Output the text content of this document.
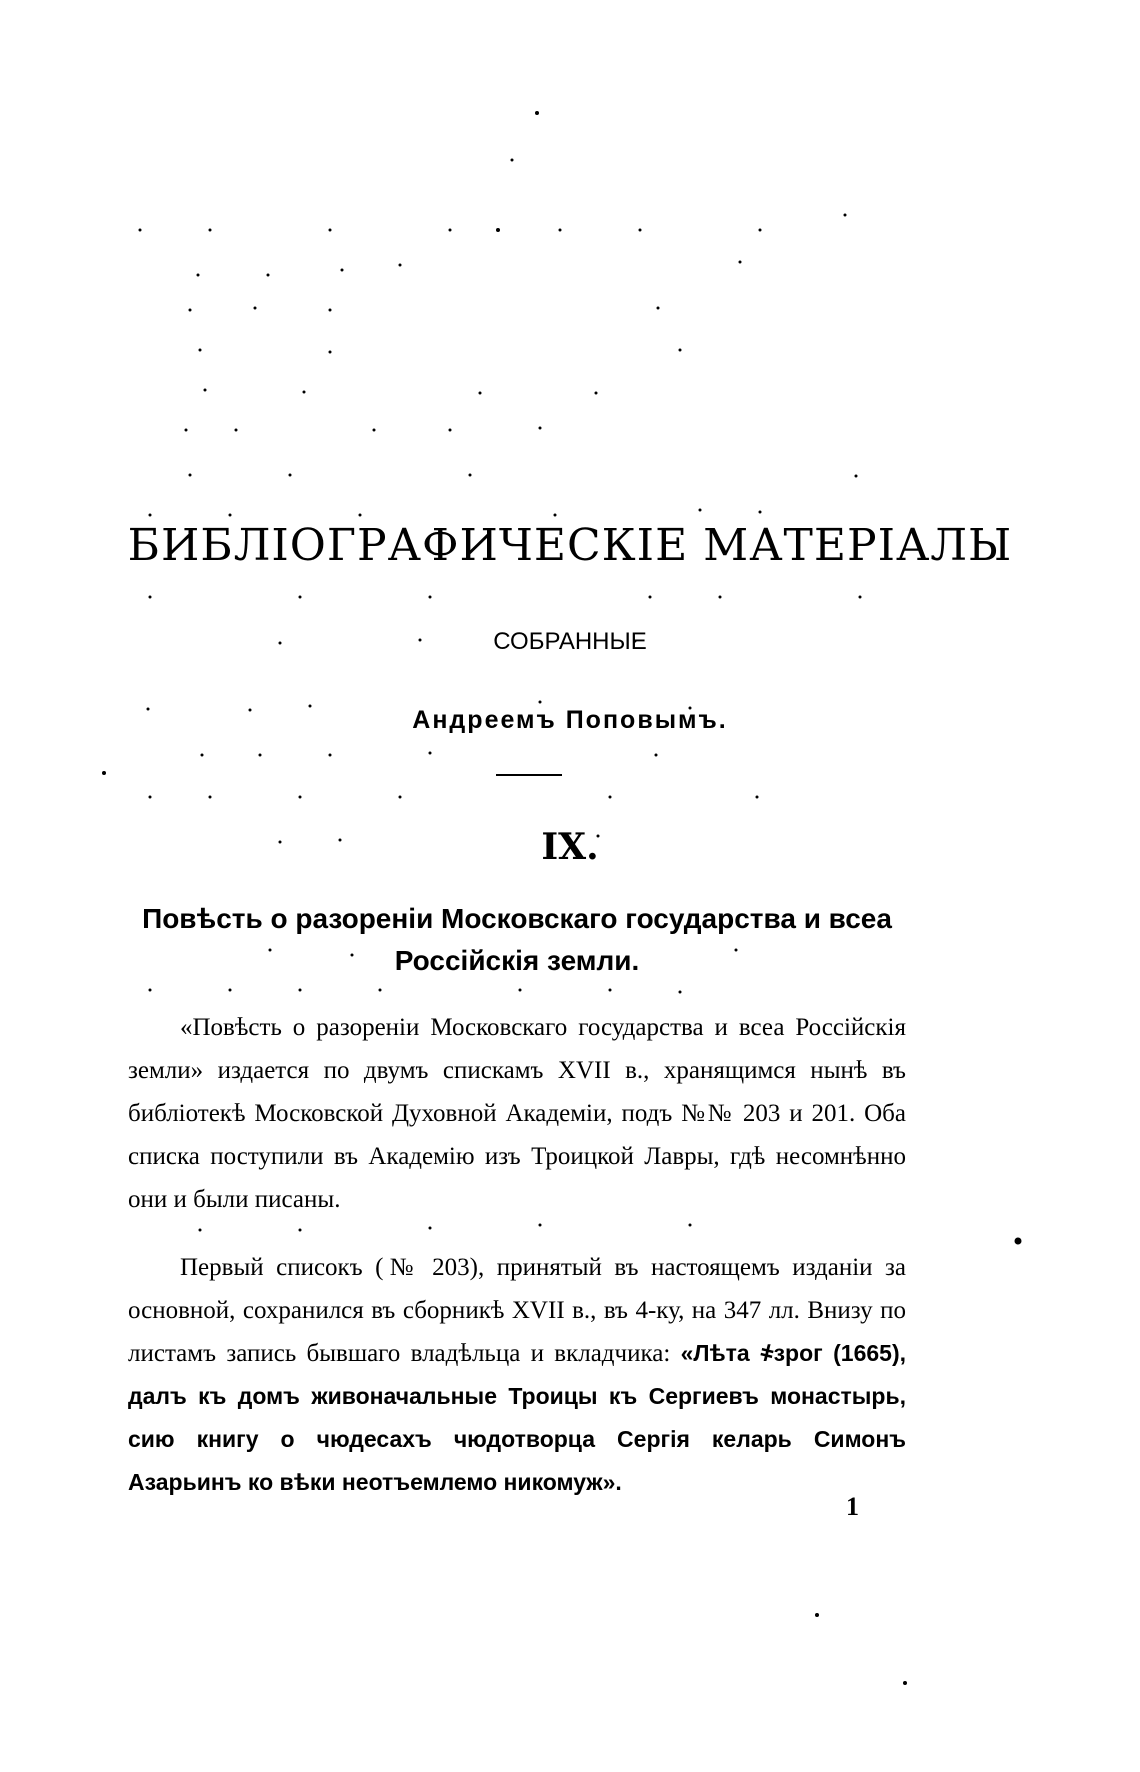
БИБЛІОГРАФИЧЕСКІЕ МАТЕРІАЛЫ
СОБРАННЫЕ
Андреемъ Поповымъ.
IX.
Повѣсть о разореніи Московскаго государства и всеа Россійскія земли.

«Повѣсть о разореніи Московскаго государства и всеа Россійскія земли» издается по двумъ спискамъ XVII в., хранящимся нынѣ въ библіотекѣ Московской Духовной Академіи, подъ №№ 203 и 201. Оба списка поступили въ Академію изъ Троицкой Лавры, гдѣ несомнѣнно они и были писаны.

Первый списокъ (№ 203), принятый въ настоящемъ изданіи за основной, сохранился въ сборникѣ XVII в., въ 4-ку, на 347 лл. Внизу по листамъ запись бывшаго владѣльца и вкладчика: «Лѣта ҂зрог (1665), далъ къ домъ живоначальные Троицы къ Сергиевъ монастырь, сию книгу о чюдесахъ чюдотворца Сергія келарь Симонъ Азарьинъ ко вѣки неотъемлемо никомуж».

1
